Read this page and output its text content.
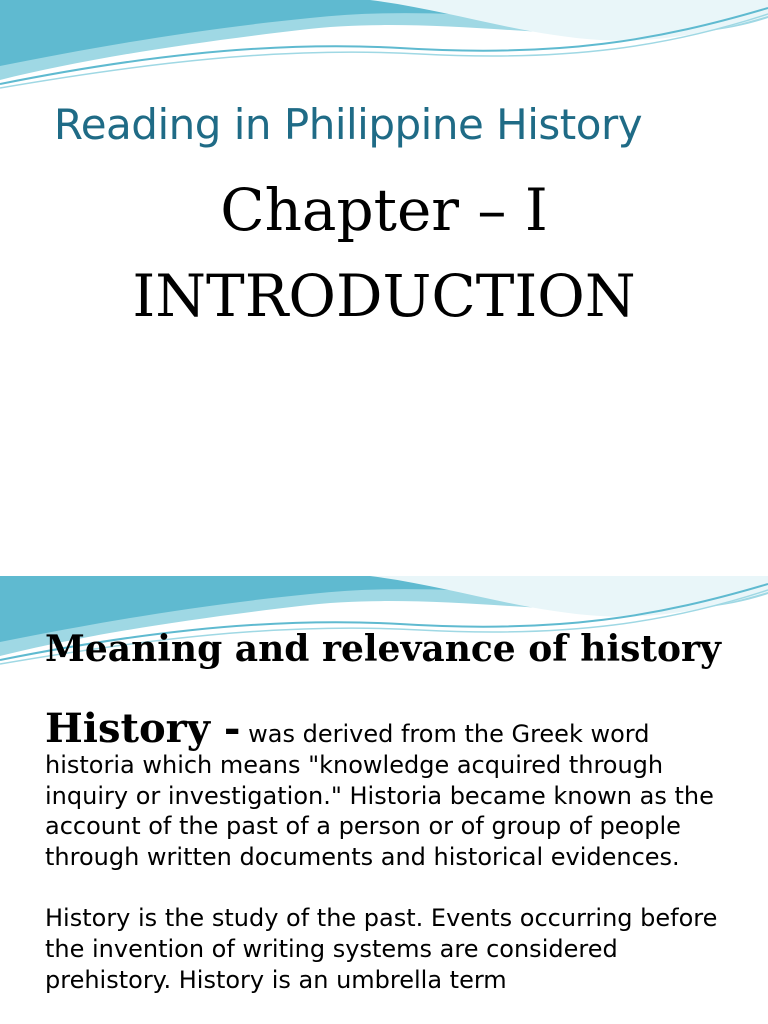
Reading in Philippine History
Chapter – I
INTRODUCTION
Meaning and relevance of history
History - was derived from the Greek word historia which means "knowledge acquired through inquiry or investigation." Historia became known as the account of the past of a person or of group of people through written documents and historical evidences.
History is the study of the past. Events occurring before the invention of writing systems are considered prehistory. History is an umbrella term
